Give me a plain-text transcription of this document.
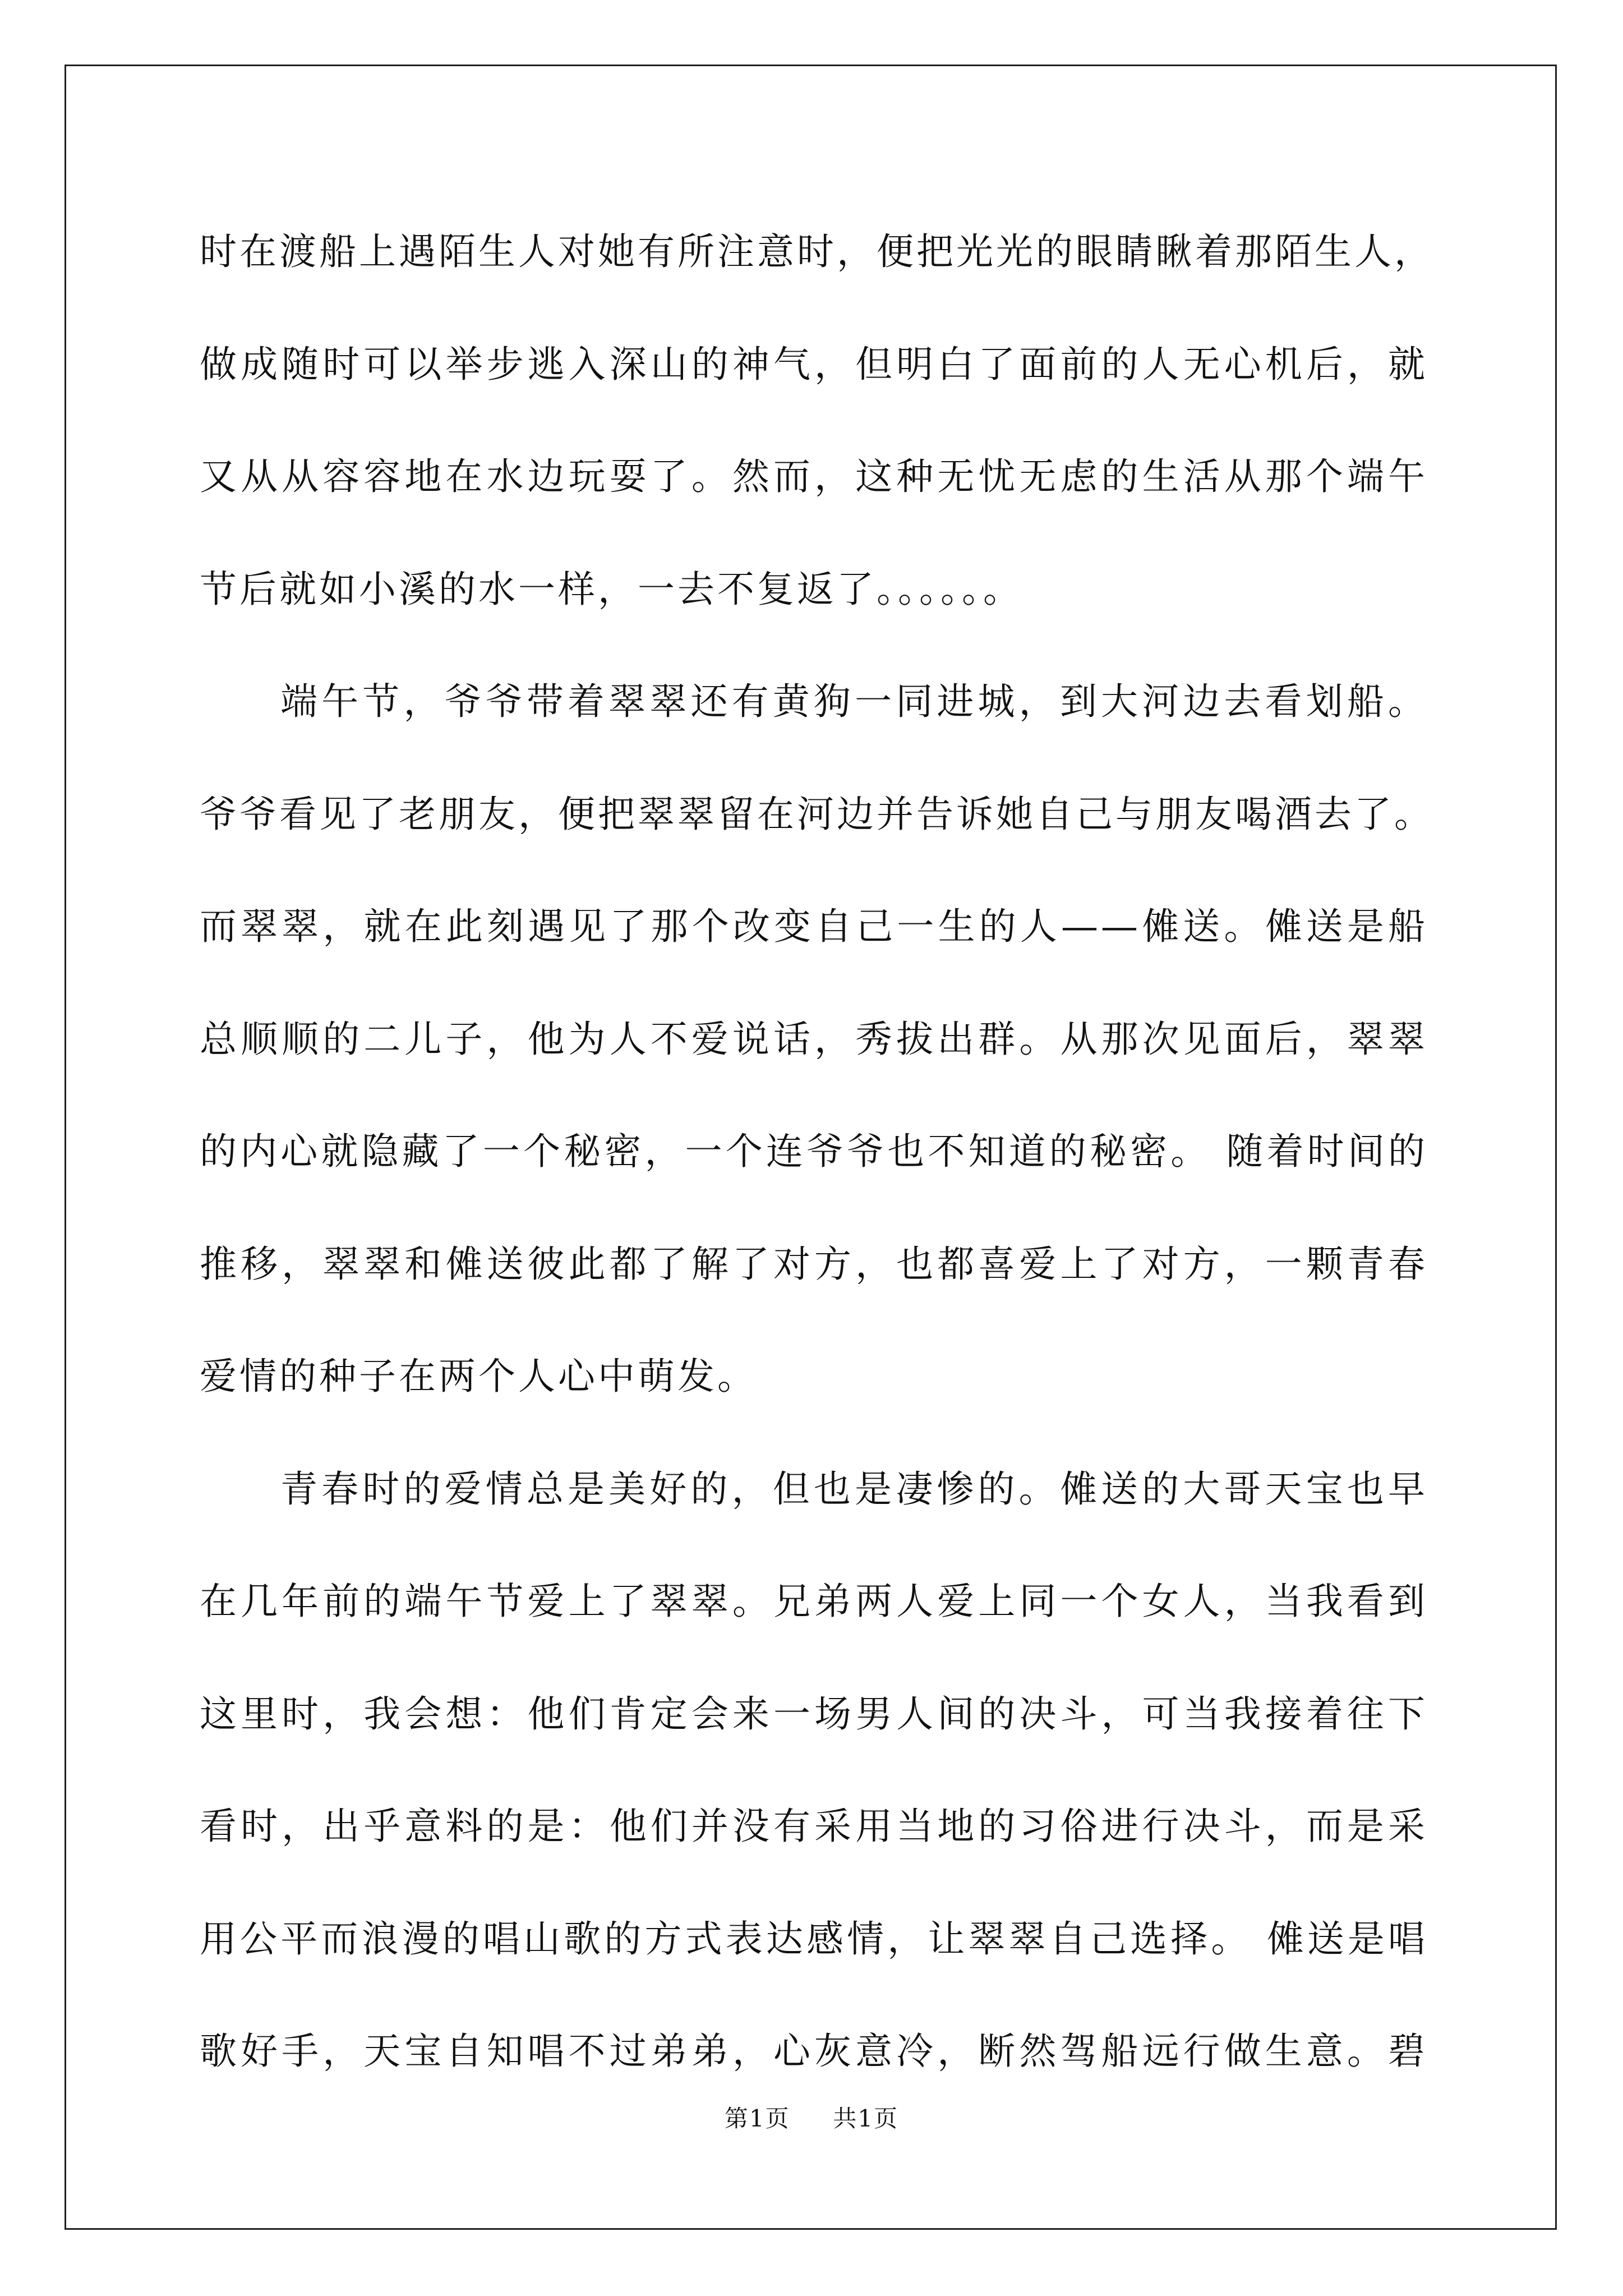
时在渡船上遇陌生人对她有所注意时，便把光光的眼睛瞅着那陌生人，
做成随时可以举步逃入深山的神气，但明白了面前的人无心机后，就
又从从容容地在水边玩耍了。然而，这种无忧无虑的生活从那个端午
节后就如小溪的水一样，一去不复返了。。。。。。
端午节，爷爷带着翠翠还有黄狗一同进城，到大河边去看划船。
爷爷看见了老朋友，便把翠翠留在河边并告诉她自己与朋友喝酒去了。
而翠翠，就在此刻遇见了那个改变自己一生的人——傩送。傩送是船
总顺顺的二儿子，他为人不爱说话，秀拔出群。从那次见面后，翠翠
的内心就隐藏了一个秘密，一个连爷爷也不知道的秘密。 随着时间的
推移，翠翠和傩送彼此都了解了对方，也都喜爱上了对方，一颗青春
爱情的种子在两个人心中萌发。
青春时的爱情总是美好的，但也是凄惨的。傩送的大哥天宝也早
在几年前的端午节爱上了翠翠。兄弟两人爱上同一个女人，当我看到
这里时，我会想：他们肯定会来一场男人间的决斗，可当我接着往下
看时，出乎意料的是：他们并没有采用当地的习俗进行决斗，而是采
用公平而浪漫的唱山歌的方式表达感情，让翠翠自己选择。 傩送是唱
歌好手，天宝自知唱不过弟弟，心灰意冷，断然驾船远行做生意。碧
第1页 共1页
